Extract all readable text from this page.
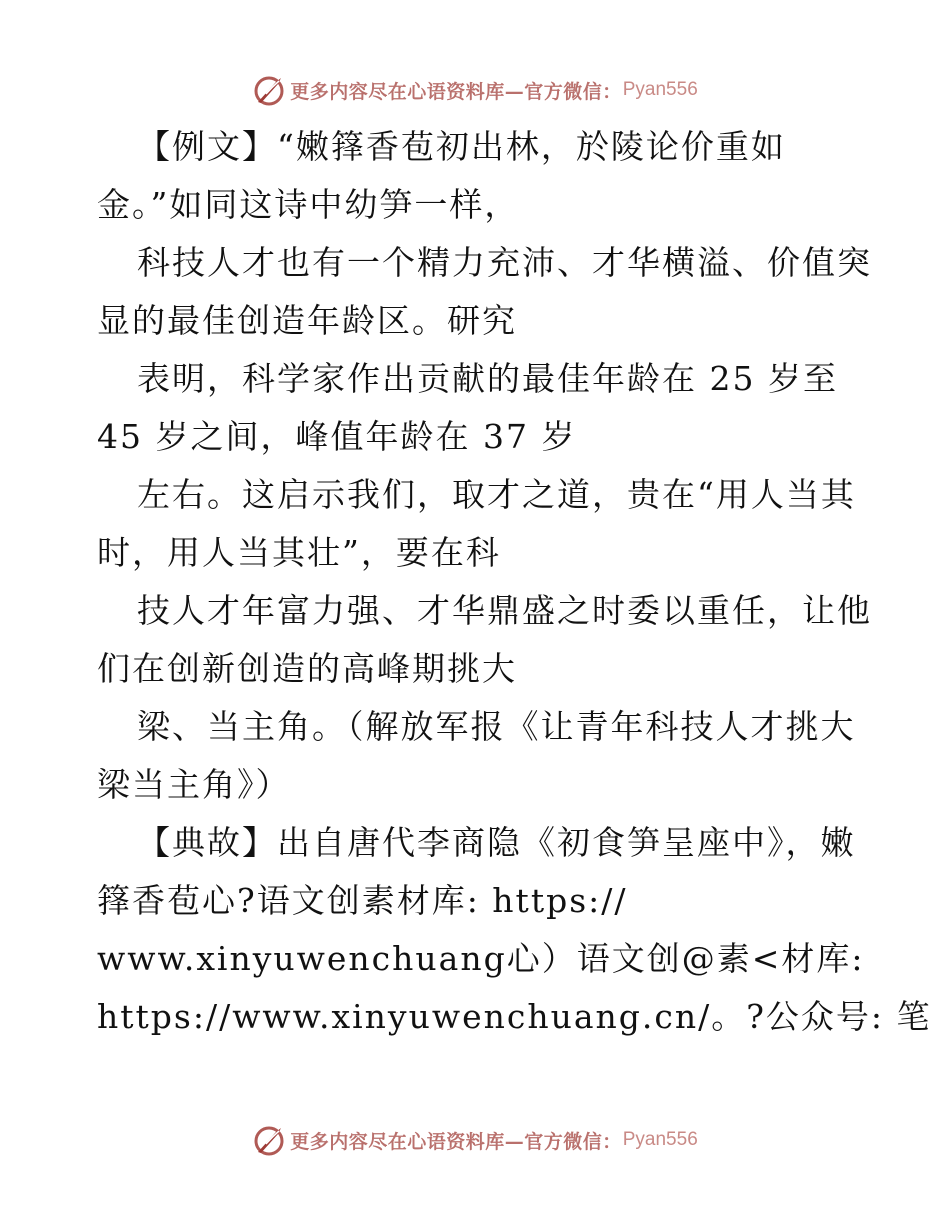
更多内容尽在心语资料库—官方微信： Pyan556

【例文】“嫩箨香苞初出林，於陵论价重如

金。”如同这诗中幼笋一样，

科技人才也有一个精力充沛、才华横溢、价值突

显的最佳创造年龄区。研究

表明，科学家作出贡献的最佳年龄在 25 岁至

45 岁之间，峰值年龄在 37 岁

左右。这启示我们，取才之道，贵在“用人当其

时，用人当其壮”，要在科

技人才年富力强、才华鼎盛之时委以重任，让他

们在创新创造的高峰期挑大

梁、当主角。（解放军报《让青年科技人才挑大

梁当主角》）

【典故】出自唐代李商隐《初食笋呈座中》，嫩

箨香苞心?语文创素材库: https://

www.xinyuwenchuang心）语文创@素<材库:

https://www.xinyuwenchuang.cn/。?公众号: 笔

更多内容尽在心语资料库—官方微信： Pyan556
